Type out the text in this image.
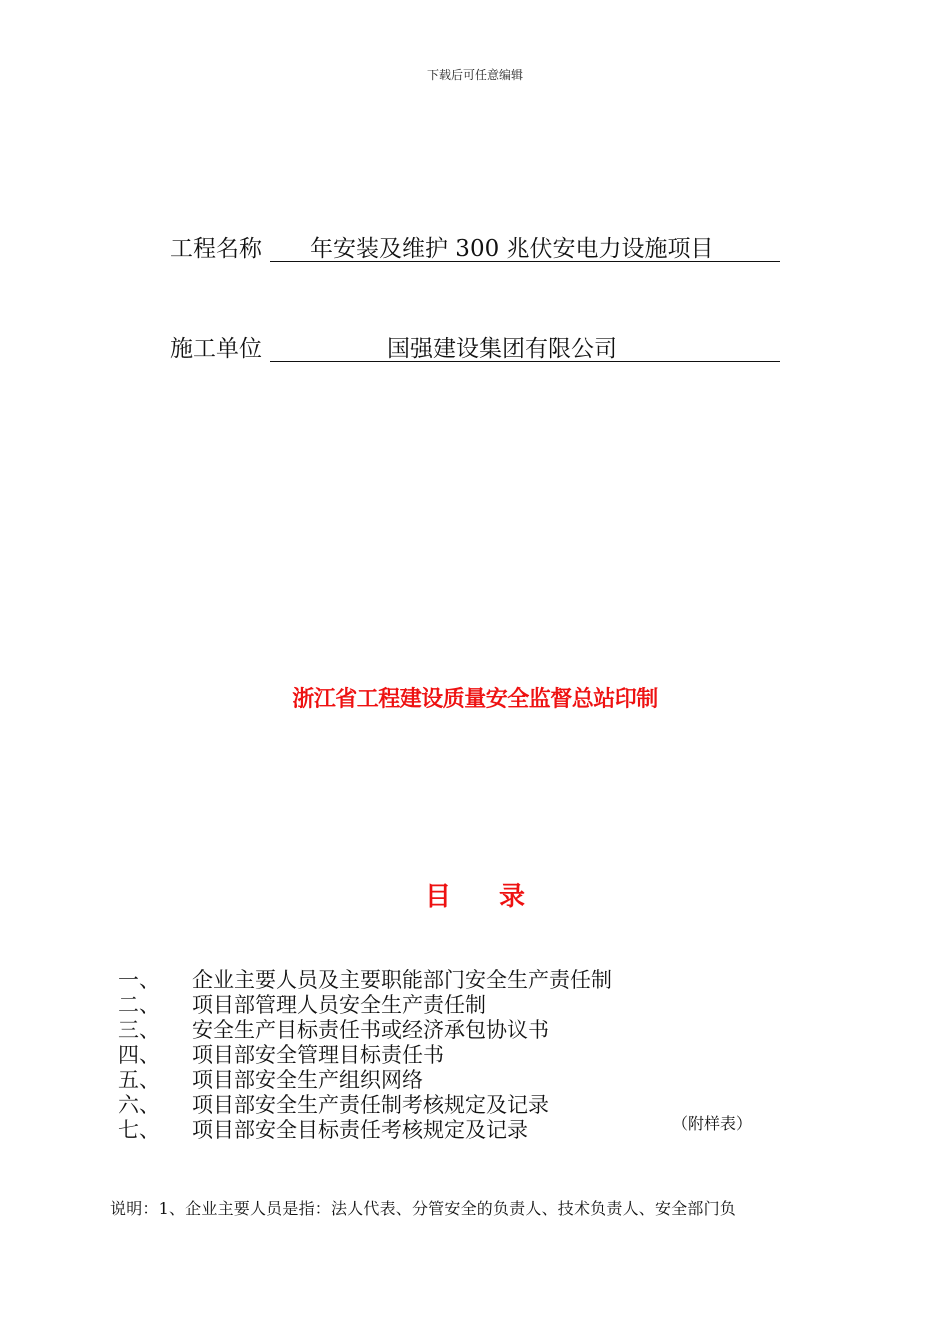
下载后可任意编辑
工程名称 年安装及维护 300 兆伏安电力设施项目
施工单位	国强建设集团有限公司
浙江省工程建设质量安全监督总站印制
目 录
一、 企业主要人员及主要职能部门安全生产责任制
二、 项目部管理人员安全生产责任制
三、 安全生产目标责任书或经济承包协议书
四、 项目部安全管理目标责任书
五、 项目部安全生产组织网络
六、 项目部安全生产责任制考核规定及记录
七、 项目部安全目标责任考核规定及记录	（附样表）
说明：1、企业主要人员是指：法人代表、分管安全的负责人、技术负责人、安全部门负
